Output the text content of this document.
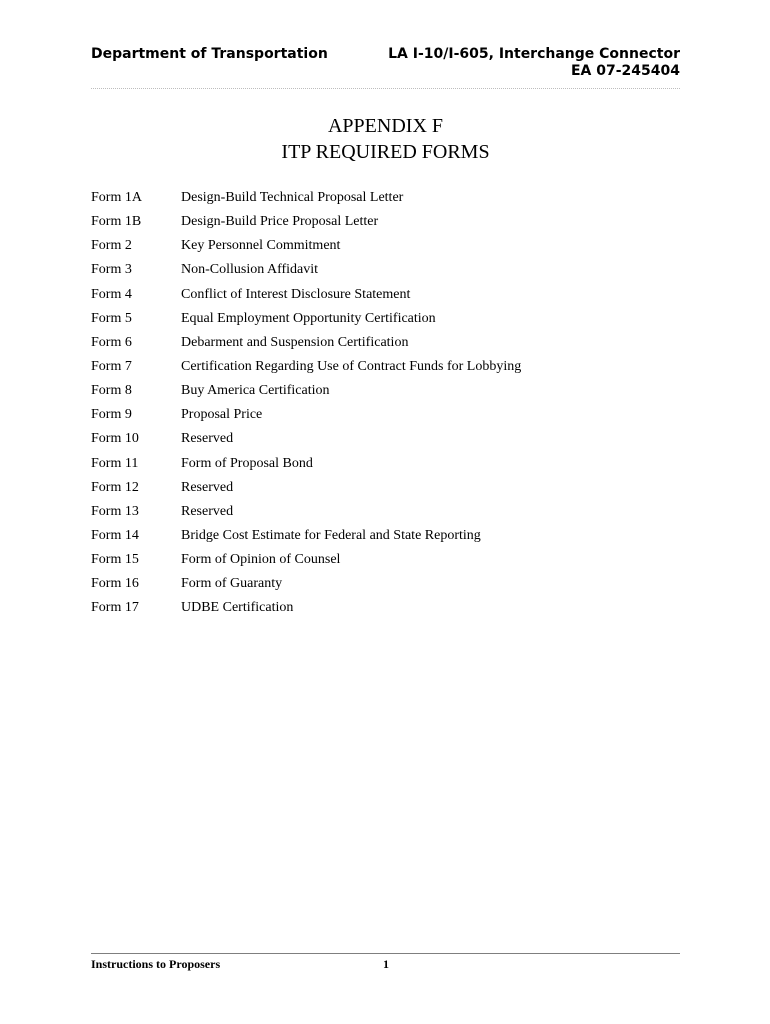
Department of Transportation	LA I-10/I-605, Interchange Connector
EA 07-245404
APPENDIX F
ITP REQUIRED FORMS
Form 1A	Design-Build Technical Proposal Letter
Form 1B	Design-Build Price Proposal Letter
Form 2	Key Personnel Commitment
Form 3	Non-Collusion Affidavit
Form 4	Conflict of Interest Disclosure Statement
Form 5	Equal Employment Opportunity Certification
Form 6	Debarment and Suspension Certification
Form 7	Certification Regarding Use of Contract Funds for Lobbying
Form 8	Buy America Certification
Form 9	Proposal Price
Form 10	Reserved
Form 11	Form of Proposal Bond
Form 12	Reserved
Form 13	Reserved
Form 14	Bridge Cost Estimate for Federal and State Reporting
Form 15	Form of Opinion of Counsel
Form 16	Form of Guaranty
Form 17	UDBE Certification
Instructions to Proposers	1
